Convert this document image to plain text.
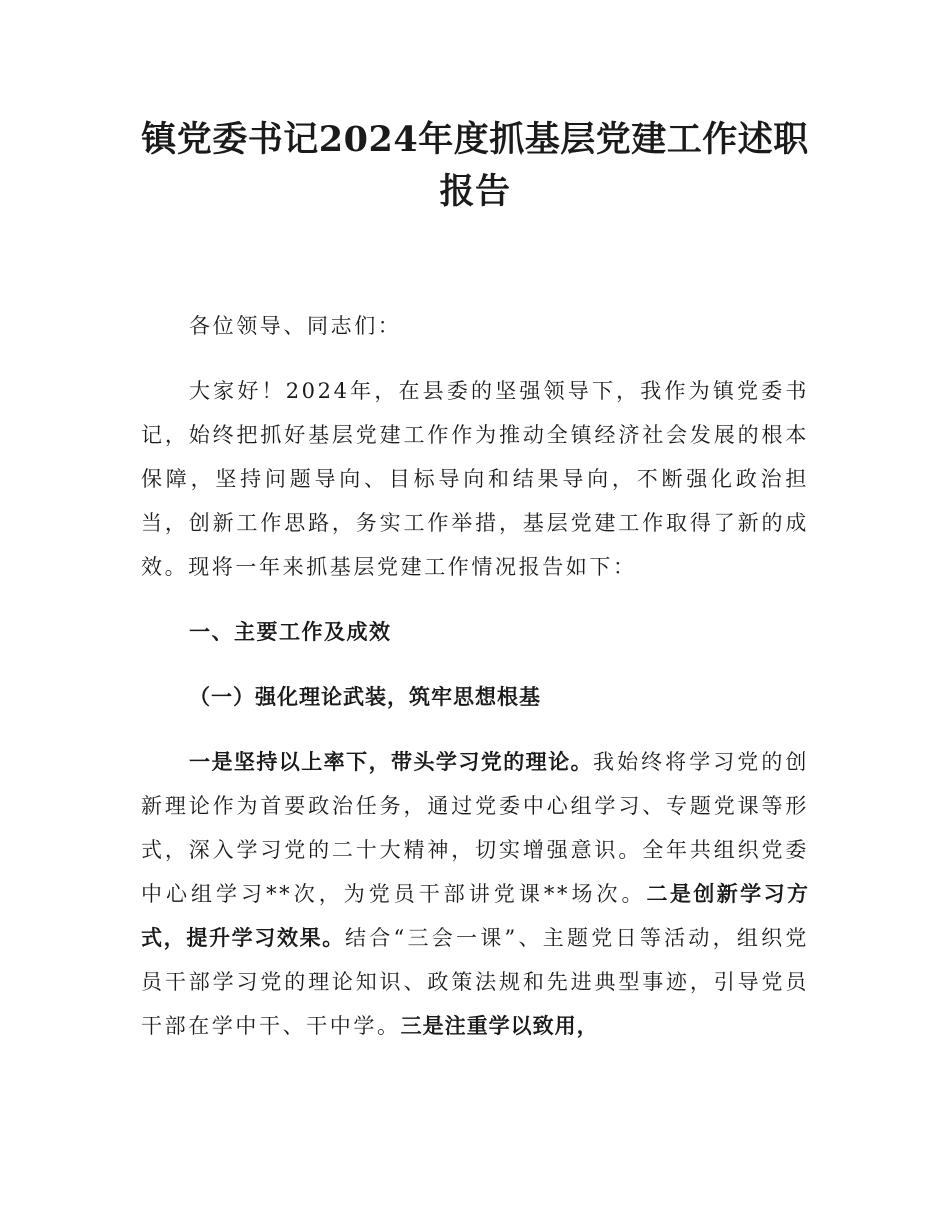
镇党委书记2024年度抓基层党建工作述职报告

各位领导、同志们：

大家好！2024年，在县委的坚强领导下，我作为镇党委书记，始终把抓好基层党建工作作为推动全镇经济社会发展的根本保障，坚持问题导向、目标导向和结果导向，不断强化政治担当，创新工作思路，务实工作举措，基层党建工作取得了新的成效。现将一年来抓基层党建工作情况报告如下：

一、主要工作及成效
（一）强化理论武装，筑牢思想根基

一是坚持以上率下，带头学习党的理论。我始终将学习党的创新理论作为首要政治任务，通过党委中心组学习、专题党课等形式，深入学习党的二十大精神，切实增强意识。全年共组织党委中心组学习**次，为党员干部讲党课**场次。二是创新学习方式，提升学习效果。结合“三会一课”、主题党日等活动，组织党员干部学习党的理论知识、政策法规和先进典型事迹，引导党员干部在学中干、干中学。三是注重学以致用，
